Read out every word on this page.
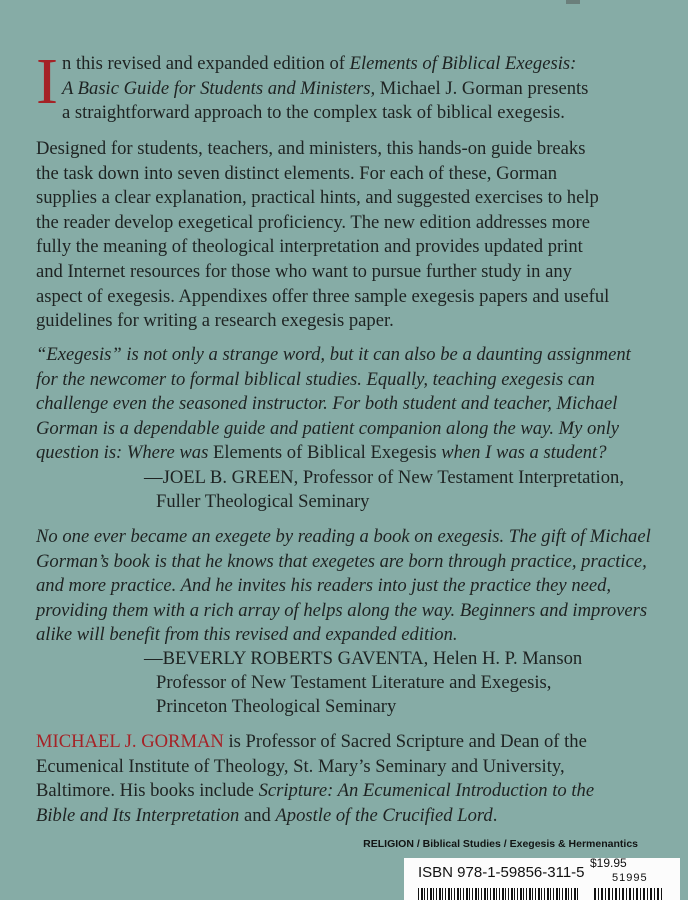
I n this revised and expanded edition of Elements of Biblical Exegesis:
A Basic Guide for Students and Ministers, Michael J. Gorman presents
a straightforward approach to the complex task of biblical exegesis.
Designed for students, teachers, and ministers, this hands-on guide breaks
the task down into seven distinct elements. For each of these, Gorman
supplies a clear explanation, practical hints, and suggested exercises to help
the reader develop exegetical proficiency. The new edition addresses more
fully the meaning of theological interpretation and provides updated print
and Internet resources for those who want to pursue further study in any
aspect of exegesis. Appendixes offer three sample exegesis papers and useful
guidelines for writing a research exegesis paper.
“Exegesis” is not only a strange word, but it can also be a daunting assignment
for the newcomer to formal biblical studies. Equally, teaching exegesis can
challenge even the seasoned instructor. For both student and teacher, Michael
Gorman is a dependable guide and patient companion along the way. My only
question is: Where was Elements of Biblical Exegesis when I was a student?
—JOEL B. GREEN, Professor of New Testament Interpretation,
Fuller Theological Seminary
No one ever became an exegete by reading a book on exegesis. The gift of Michael
Gorman’s book is that he knows that exegetes are born through practice, practice,
and more practice. And he invites his readers into just the practice they need,
providing them with a rich array of helps along the way. Beginners and improvers
alike will benefit from this revised and expanded edition.
—BEVERLY ROBERTS GAVENTA, Helen H. P. Manson
Professor of New Testament Literature and Exegesis,
Princeton Theological Seminary
MICHAEL J. GORMAN is Professor of Sacred Scripture and Dean of the
Ecumenical Institute of Theology, St. Mary’s Seminary and University,
Baltimore. His books include Scripture: An Ecumenical Introduction to the
Bible and Its Interpretation and Apostle of the Crucified Lord.
RELIGION / Biblical Studies / Exegesis & Hermenantics
ISBN 978-1-59856-311-5
$19.95
51995
